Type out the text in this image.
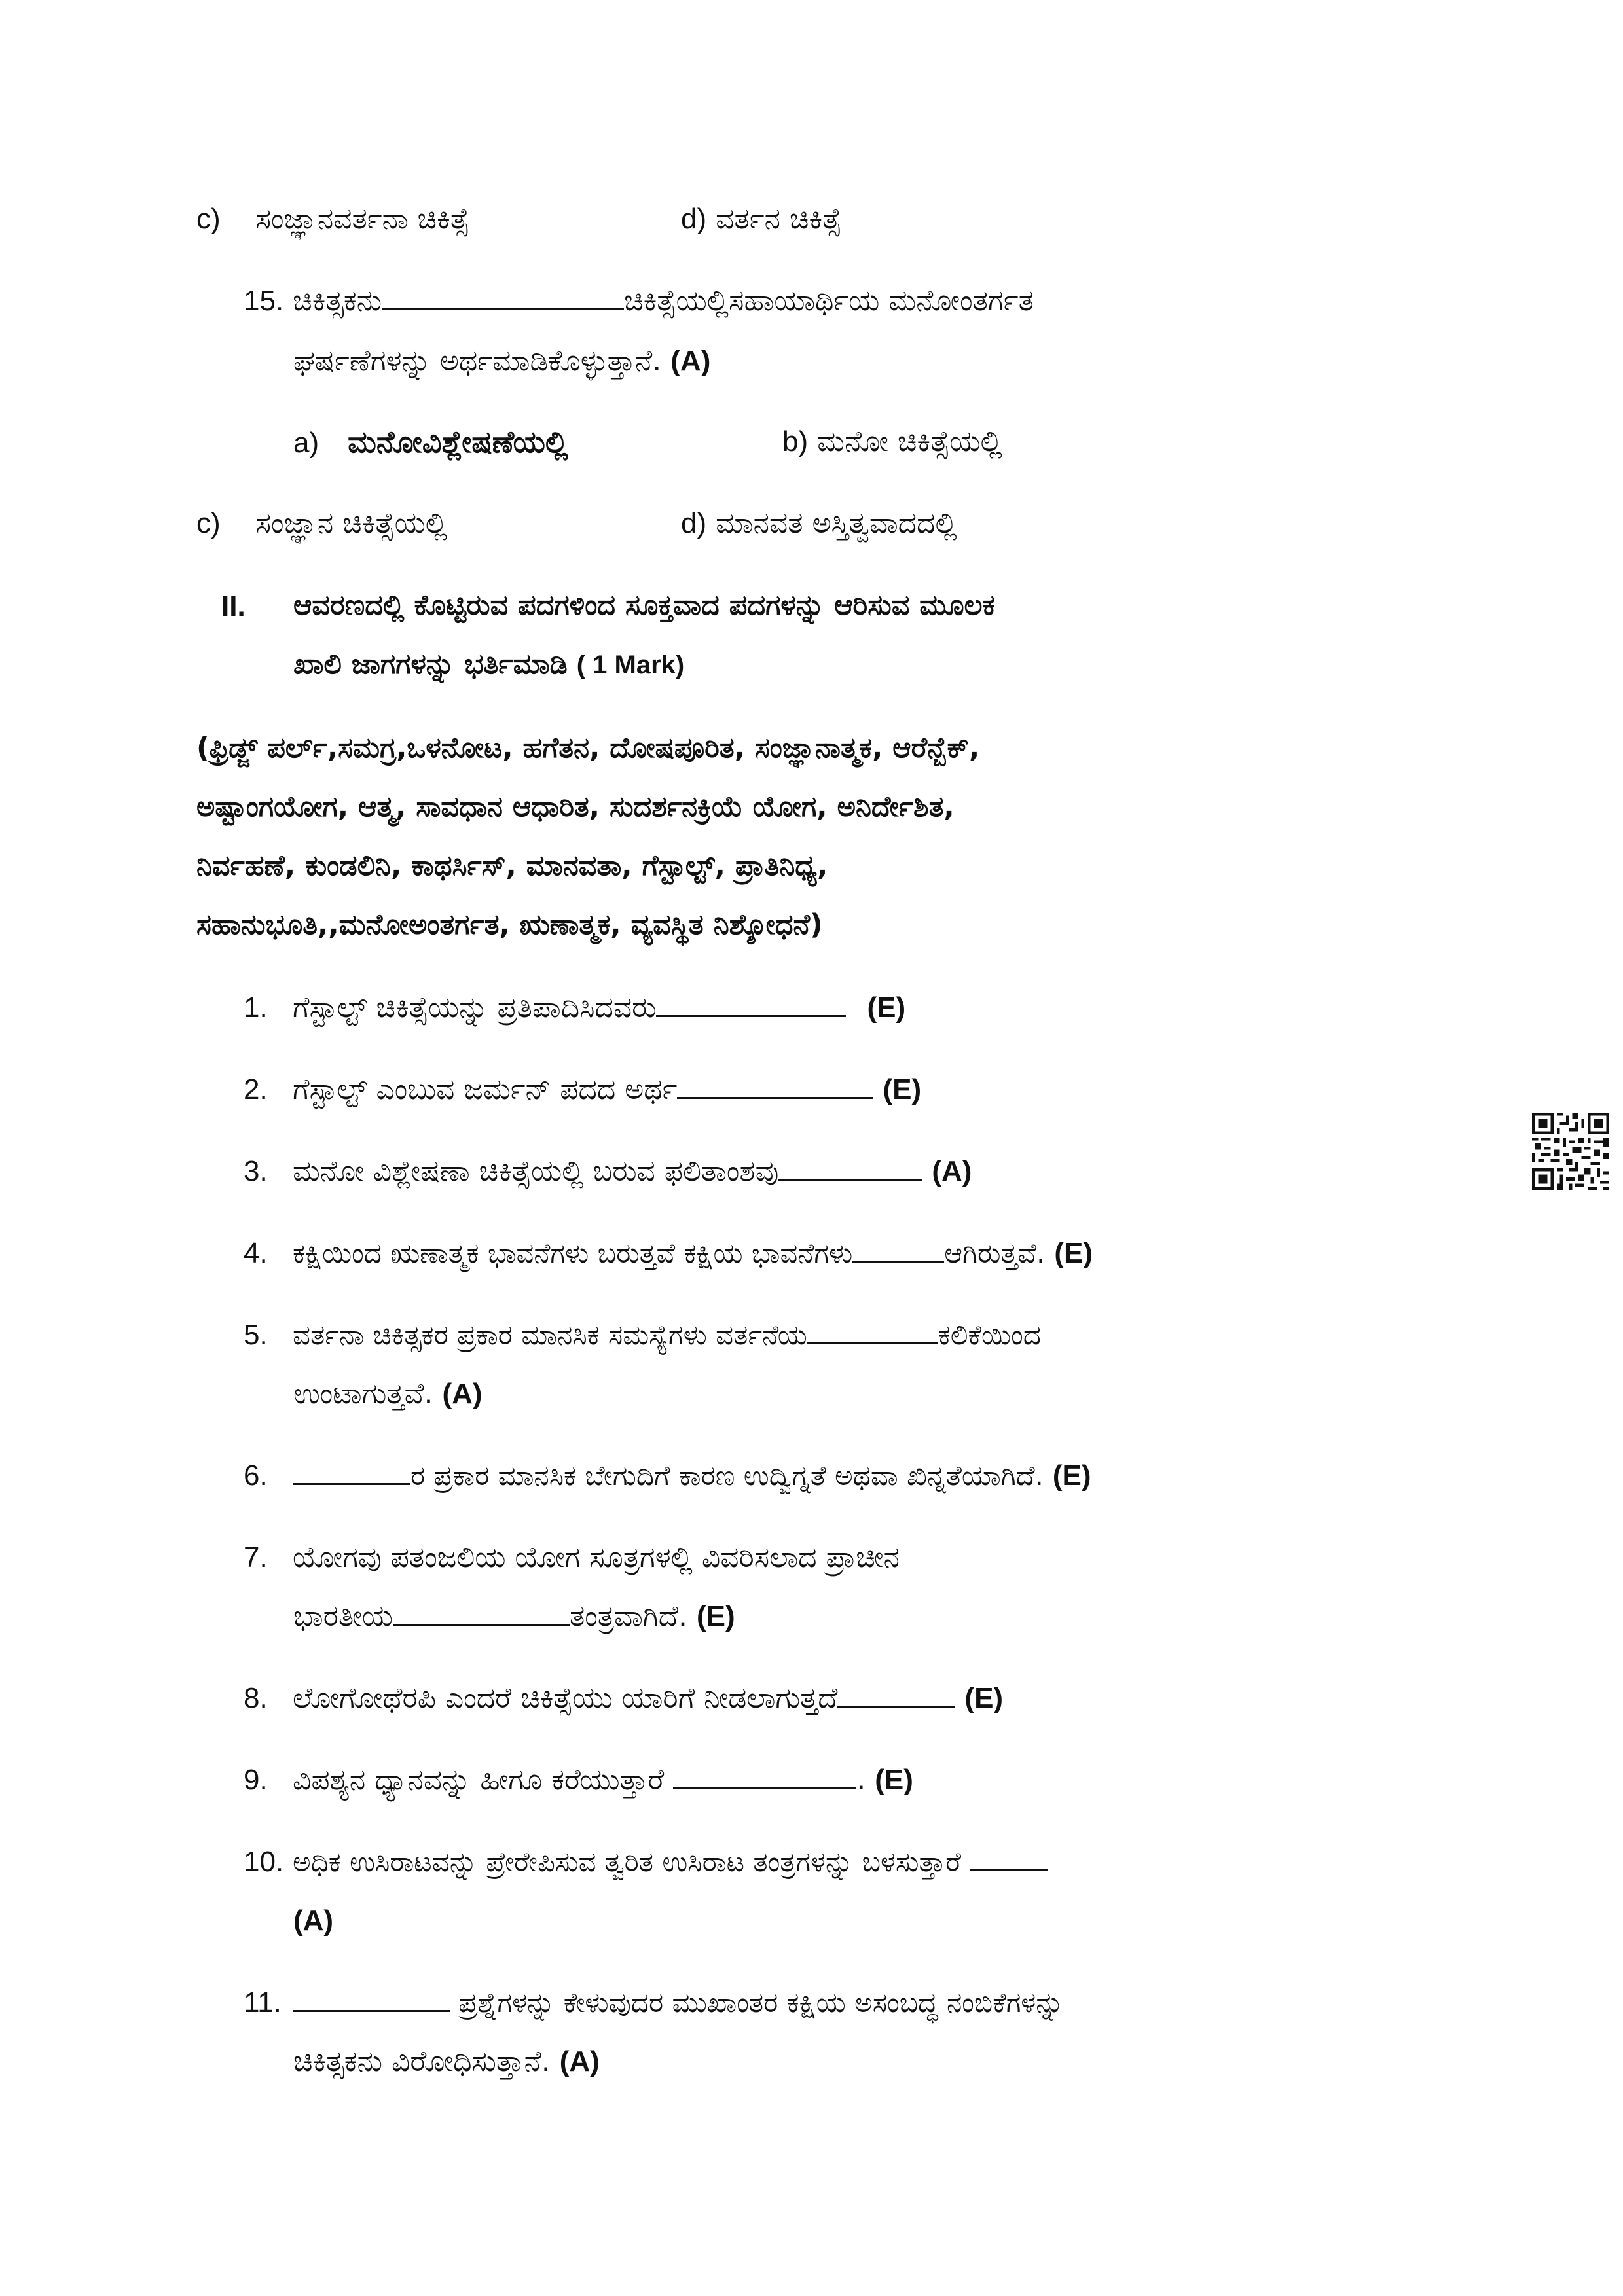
c) ಸಂಜ್ಞಾನವರ್ತನಾ ಚಿಕಿತ್ಸೆ	d) ವರ್ತನ ಚಿಕಿತ್ಸೆ
15. ಚಿಕಿತ್ಸಕನು	ಚಿಕಿತ್ಸೆಯಲ್ಲಿಸಹಾಯಾರ್ಥಿಯ ಮನೋಂತರ್ಗತ
ಘರ್ಷಣೆಗಳನ್ನು ಅರ್ಥಮಾಡಿಕೊಳ್ಳುತ್ತಾನೆ. (A)
a) ಮನೋವಿಶ್ಲೇಷಣೆಯಲ್ಲಿ	b) ಮನೋ ಚಿಕಿತ್ಸೆಯಲ್ಲಿ
c) ಸಂಜ್ಞಾನ ಚಿಕಿತ್ಸೆಯಲ್ಲಿ	d) ಮಾನವತ ಅಸ್ತಿತ್ವವಾದದಲ್ಲಿ
II. ಆವರಣದಲ್ಲಿ ಕೊಟ್ಟಿರುವ ಪದಗಳಿಂದ ಸೂಕ್ತವಾದ ಪದಗಳನ್ನು ಆರಿಸುವ ಮೂಲಕ
ಖಾಲಿ ಜಾಗಗಳನ್ನು ಭರ್ತಿಮಾಡಿ ( 1 Mark)
(ಫ್ರಿಡ್ಜ್ ಪರ್ಲ್,ಸಮಗ್ರ,ಒಳನೋಟ, ಹಗೆತನ, ದೋಷಪೂರಿತ, ಸಂಜ್ಞಾನಾತ್ಮಕ, ಆರೆನ್ಬೆಕ್,
ಅಷ್ಟಾಂಗಯೋಗ, ಆತ್ಮ, ಸಾವಧಾನ ಆಧಾರಿತ, ಸುದರ್ಶನಕ್ರಿಯೆ ಯೋಗ, ಅನಿರ್ದೇಶಿತ,
ನಿರ್ವಹಣೆ, ಕುಂಡಲಿನಿ, ಕಾಥರ್ಸಿಸ್, ಮಾನವತಾ, ಗೆಸ್ಟಾಲ್ಟ್, ಪ್ರಾತಿನಿಧ್ಯ,
ಸಹಾನುಭೂತಿ,,ಮನೋಅಂತರ್ಗತ, ಋಣಾತ್ಮಕ, ವ್ಯವಸ್ಥಿತ ನಿಶ್ಶೋಧನೆ)
1. ಗೆಸ್ಟಾಲ್ಟ್ ಚಿಕಿತ್ಸೆಯನ್ನು ಪ್ರತಿಪಾದಿಸಿದವರು	(E)
2. ಗೆಸ್ಟಾಲ್ಟ್ ಎಂಬುವ ಜರ್ಮನ್ ಪದದ ಅರ್ಥ	(E)
3. ಮನೋ ವಿಶ್ಲೇಷಣಾ ಚಿಕಿತ್ಸೆಯಲ್ಲಿ ಬರುವ ಫಲಿತಾಂಶವು	(A)
4. ಕಕ್ಷಿಯಿಂದ ಋಣಾತ್ಮಕ ಭಾವನೆಗಳು ಬರುತ್ತವೆ ಕಕ್ಷಿಯ ಭಾವನೆಗಳು	ಆಗಿರುತ್ತವೆ. (E)
5. ವರ್ತನಾ ಚಿಕಿತ್ಸಕರ ಪ್ರಕಾರ ಮಾನಸಿಕ ಸಮಸ್ಯೆಗಳು ವರ್ತನೆಯ	ಕಲಿಕೆಯಿಂದ
ಉಂಟಾಗುತ್ತವೆ. (A)
6.	ರ ಪ್ರಕಾರ ಮಾನಸಿಕ ಬೇಗುದಿಗೆ ಕಾರಣ ಉದ್ವಿಗ್ನತೆ ಅಥವಾ ಖಿನ್ನತೆಯಾಗಿದೆ. (E)
7. ಯೋಗವು ಪತಂಜಲಿಯ ಯೋಗ ಸೂತ್ರಗಳಲ್ಲಿ ವಿವರಿಸಲಾದ ಪ್ರಾಚೀನ
ಭಾರತೀಯ	ತಂತ್ರವಾಗಿದೆ. (E)
8. ಲೋಗೋಥೆರಪಿ ಎಂದರೆ ಚಿಕಿತ್ಸೆಯು ಯಾರಿಗೆ ನೀಡಲಾಗುತ್ತದೆ	(E)
9. ವಿಪಶ್ಯನ ಧ್ಯಾನವನ್ನು ಹೀಗೂ ಕರೆಯುತ್ತಾರೆ	. (E)
10. ಅಧಿಕ ಉಸಿರಾಟವನ್ನು ಪ್ರೇರೇಪಿಸುವ ತ್ವರಿತ ಉಸಿರಾಟ ತಂತ್ರಗಳನ್ನು ಬಳಸುತ್ತಾರೆ
(A)
11.	ಪ್ರಶ್ನೆಗಳನ್ನು ಕೇಳುವುದರ ಮುಖಾಂತರ ಕಕ್ಷಿಯ ಅಸಂಬದ್ಧ ನಂಬಿಕೆಗಳನ್ನು
ಚಿಕಿತ್ಸಕನು ವಿರೋಧಿಸುತ್ತಾನೆ. (A)
